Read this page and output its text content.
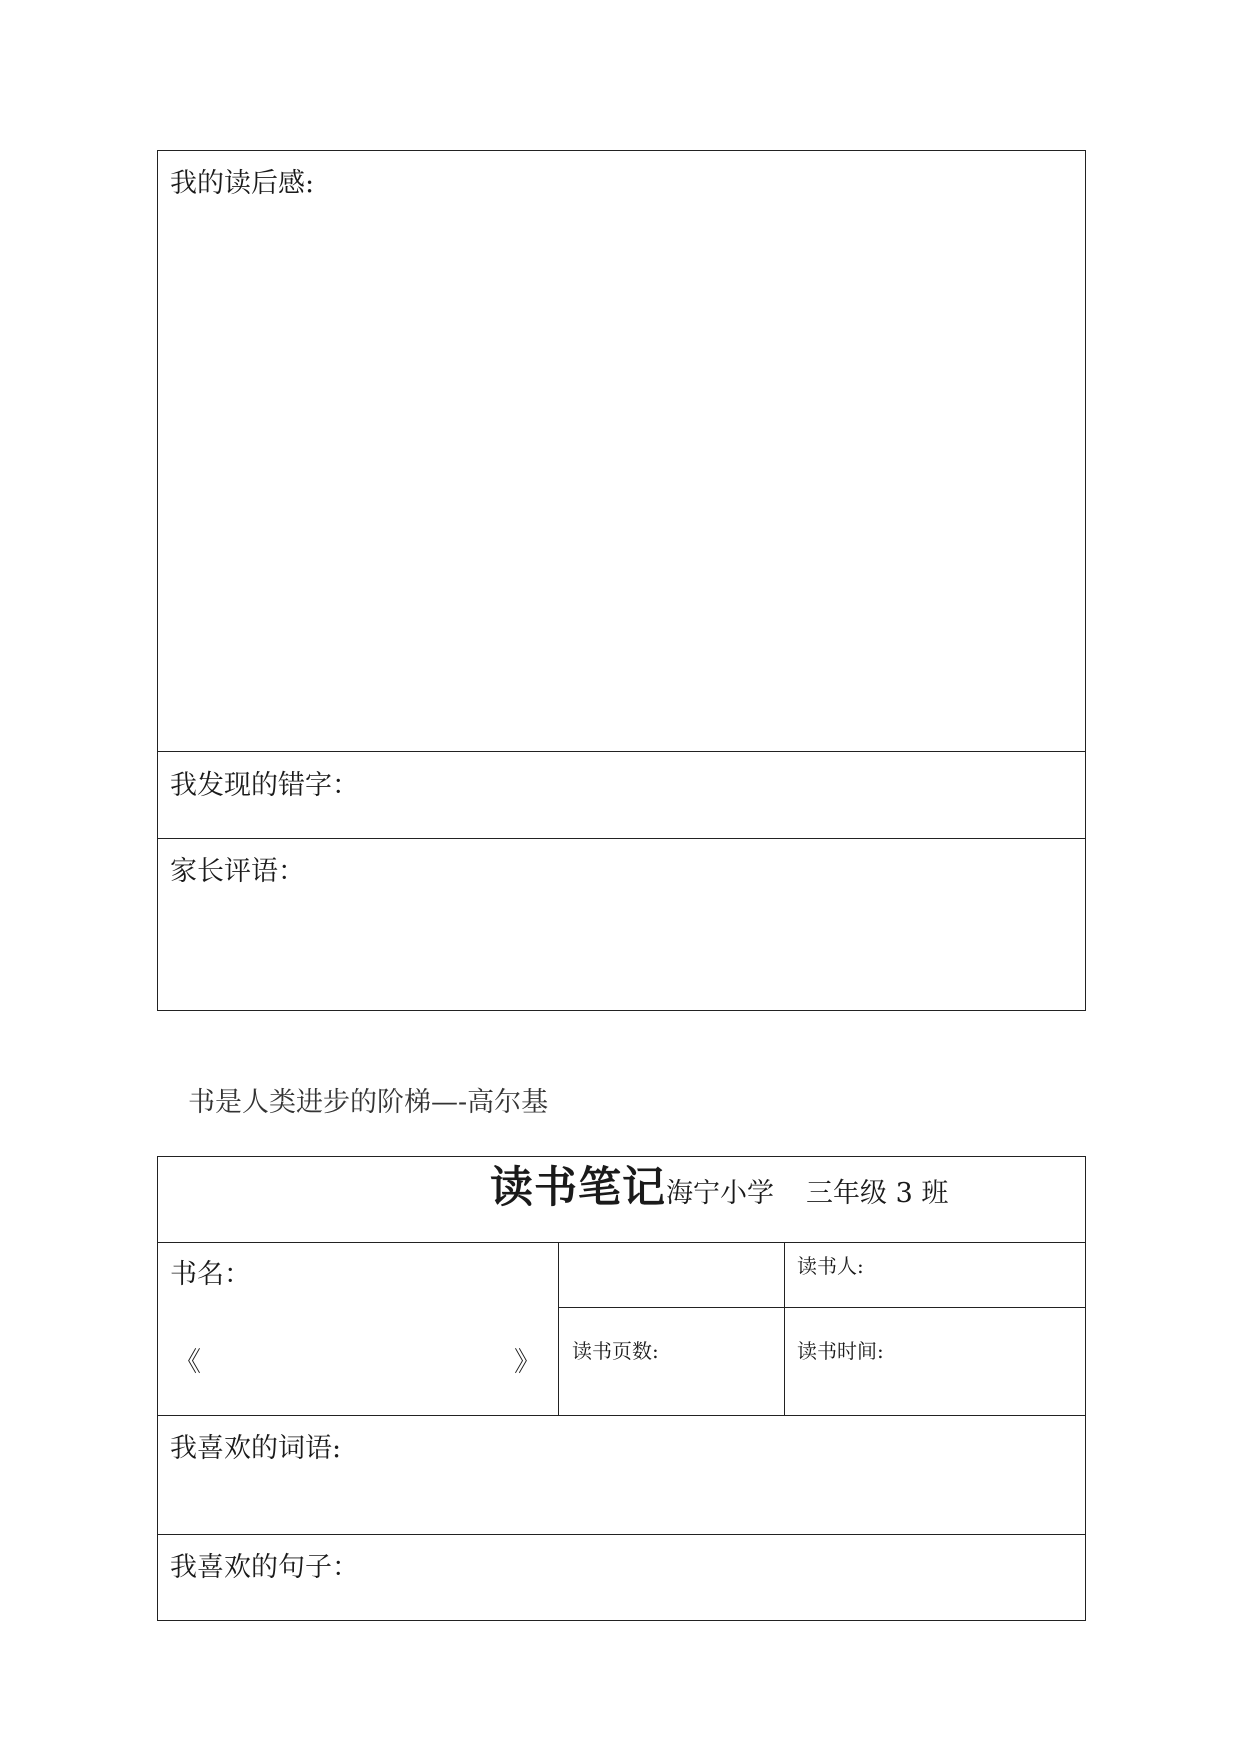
我的读后感:
我发现的错字：
家长评语：
书是人类进步的阶梯—-高尔基
读书笔记海宁小学 三年级 3 班
书名：
《	》
读书人:
读书页数:	读书时间:
我喜欢的词语:
我喜欢的句子：
